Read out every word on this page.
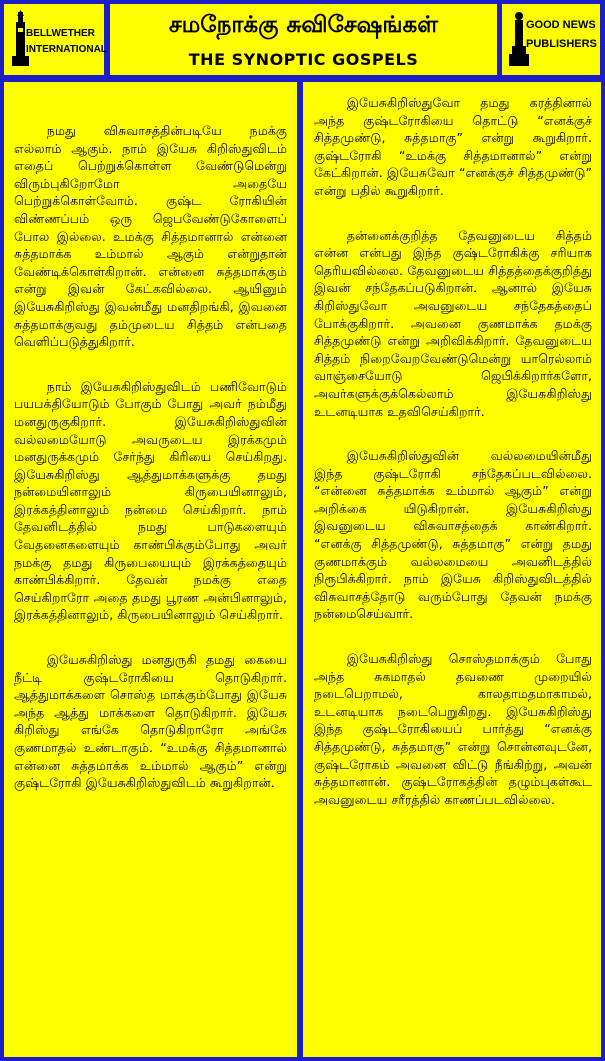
BELLWETHER
INTERNATIONAL
சமநோக்கு சுவிசேஷங்கள்
THE SYNOPTIC GOSPELS
GOOD NEWS
PUBLISHERS

நமது விசுவாசத்தின்படியே நமக்கு எல்லாம் ஆகும். நாம் இயேசு கிறிஸ்துவிடம் எதைப் பெற்றுக்கொள்ள வேண்டுமென்று விரும்புகிறோமோ அதையே பெற்றுக்கொள்வோம். குஷ்ட ரோகியின் விண்ணப்பம் ஒரு ஜெபவேண்டுகோளைப் போல இல்லை. உமக்கு சித்தமானால் என்னை சுத்தமாக்க உம்மால் ஆகும் என்றுதான் வேண்டிக்கொள்கிறான். என்னை சுத்தமாக்கும் என்று இவன் கேட்கவில்லை. ஆயினும் இயேசுகிறிஸ்து இவன்மீது மனதிறங்கி, இவனை சுத்தமாக்குவது தம்முடைய சித்தம் என்பதை வெளிப்படுத்துகிறார்.

நாம் இயேசுகிறிஸ்துவிடம் பணிவோடும் பயபக்தியோடும் போகும் போது அவர் நம்மீது மனதுருகுகிறார். இயேசுகிறிஸ்துவின் வல்லமையோடு அவருடைய இரக்கமும் மனதுருக்கமும் சேர்ந்து கிரியை செய்கிறது. இயேசுகிறிஸ்து ஆத்துமாக்களுக்கு தமது நன்மையினாலும் கிருபையினாலும், இரக்கத்தினாலும் நன்மை செய்கிறார். நாம் தேவனிடத்தில் நமது பாடுகளையும் வேதனைகளையும் காண்பிக்கும்போது அவர் நமக்கு தமது கிருபையையும் இரக்கத்தையும் காண்பிக்கிறார். தேவன் நமக்கு எதை செய்கிறாரோ அதை தமது பூரண அன்பினாலும், இரக்கத்தினாலும், கிருபையினாலும் செய்கிறார்.

இயேசுகிறிஸ்து மனதுருகி தமது கையை நீட்டி குஷ்டரோகியை தொடுகிறார். ஆத்துமாக்களை சொஸ்த மாக்கும்போது இயேசு அந்த ஆத்து மாக்களை தொடுகிறார். இயேசு கிறிஸ்து எங்கே தொடுகிறாரோ அங்கே குணமாதல் உண்டாகும். “உமக்கு சித்தமானால் என்னை சுத்தமாக்க உம்மால் ஆகும்” என்று குஷ்டரோகி இயேசுகிறிஸ்துவிடம் கூறுகிறான்.

இயேசுகிறிஸ்துவோ தமது கரத்தினால் அந்த குஷ்டரோகியை தொட்டு “எனக்குச் சித்தமுண்டு, சுத்தமாகு” என்று கூறுகிறார். குஷ்டரோகி “உமக்கு சித்தமானால்” என்று கேட்கிறான். இயேசுவோ “எனக்குச் சித்தமுண்டு” என்று பதில் கூறுகிறார்.

தன்னைக்குறித்த தேவனுடைய சித்தம் என்ன என்பது இந்த குஷ்டரோகிக்கு சரியாக தெரியவில்லை. தேவனுடைய சித்தத்தைக்குறித்து இவன் சந்தேகப்படுகிறான். ஆனால் இயேசு கிறிஸ்துவோ அவனுடைய சந்தேகத்தைப் போக்குகிறார். அவனை குணமாக்க தமக்கு சித்தமுண்டு என்று அறிவிக்கிறார். தேவனுடைய சித்தம் நிறைவேறவேண்டுமென்று யாரெல்லாம் வாஞ்சையோடு ஜெபிக்கிறார்களோ, அவர்களுக்குக்கெல்லாம் இயேசுகிறிஸ்து உடனடியாக உதவிசெய்கிறார்.

இயேசுகிறிஸ்துவின் வல்லமையின்மீது இந்த குஷ்டரோகி சந்தேகப்படவில்லை. “என்னை சுத்தமாக்க உம்மால் ஆகும்” என்று அறிக்கை யிடுகிறான். இயேசுகிறிஸ்து இவனுடைய விசுவாசத்தைக் காண்கிறார். “எனக்கு சித்தமுண்டு, சுத்தமாகு” என்று தமது குணமாக்கும் வல்லமையை அவனிடத்தில் நிரூபிக்கிறார். நாம் இயேசு கிறிஸ்துவிடத்தில் விசுவாசத்தோடு வரும்போது தேவன் நமக்கு நன்மைசெய்வார்.

இயேசுகிறிஸ்து சொஸ்தமாக்கும் போது அந்த சுகமாதல் தவணை முறையில் நடைபெறாமல், காலதாமதமாகாமல், உடனடியாக நடைபெறுகிறது. இயேசுகிறிஸ்து இந்த குஷ்டரோகியைப் பார்த்து “எனக்கு சித்தமுண்டு, சுத்தமாகு” என்று சொன்னவுடனே, குஷ்டரோகம் அவனை விட்டு நீங்கிற்று, அவன் சுத்தமானான். குஷ்டரோகத்தின் தழும்புகள்கூட அவனுடைய சரீரத்தில் காணப்படவில்லை.
